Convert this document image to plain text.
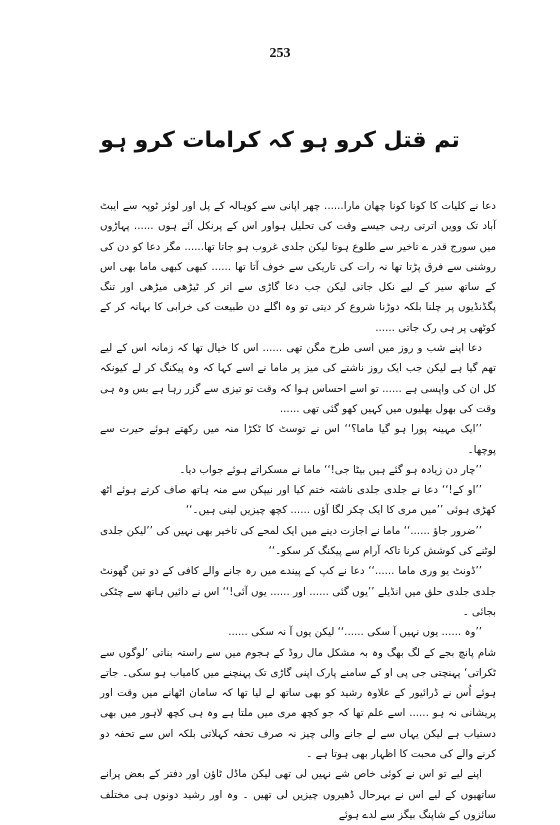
253
تم قتل کرو ہو کہ کرامات کرو ہو

دعا نے کلیات کا کونا کونا چھان مارا...... چھر اپانی سے کوہالہ کے پل اور لوئر ٹوپہ سے ایبٹ آباد تک وویں اترتی رہی جیسے وقت کی تحلیل ہواور اس کے پرنکل آئے ہوں ...... پہاڑوں میں سورج قدر ے تاخیر سے طلوع ہوتا لیکن جلدی غروب ہو جاتا تھا...... مگر دعا کو دن کی روشنی سے فرق پڑتا تھا نہ رات کی تاریکی سے خوف آتا تھا ...... کبھی کبھی ماما بھی اس کے ساتھ سیر کے لیے نکل جاتی لیکن جب دعا گاڑی سے اتر کر ٹیڑھی میڑھی اور تنگ پگڈنڈیوں پر چلنا بلکہ دوڑنا شروع کر دیتی تو وہ اگلے دن طبیعت کی خرابی کا بہانہ کر کے کوٹھی پر ہی رک جاتی ......

دعا اپنے شب و روز میں اسی طرح مگن تھی ...... اس کا خیال تھا کہ زمانہ اس کے لیے تھم گیا ہے لیکن جب ایک روز ناشتے کی میز پر ماما نے اسے کہا کہ وہ پیکنگ کر لے کیونکہ کل ان کی واپسی ہے ...... تو اسے احساس ہوا کہ وقت تو تیزی سے گزر رہا ہے بس وہ ہی وقت کی بھول بھلیوں میں کہیں کھو گئی تھی ......

’’ایک مہینہ پورا ہو گیا ماما؟‘‘ اس نے توسٹ کا ٹکڑا منہ میں رکھتے ہوئے حیرت سے پوچھا۔

’’چار دن زیادہ ہو گئے ہیں بیٹا جی!‘‘ ماما نے مسکراتے ہوئے جواب دیا۔

’’او کے!‘‘ دعا نے جلدی جلدی ناشتہ ختم کیا اور نیپکن سے منہ ہاتھ صاف کرتے ہوئے اٹھ کھڑی ہوئی ’’میں مری کا ایک چکر لگا آؤں ...... کچھ چیزیں لینی ہیں۔‘‘

’’ضرور جاؤ ......‘‘ ماما نے اجازت دینے میں ایک لمحے کی تاخیر بھی نہیں کی ’’لیکن جلدی لوٹنے کی کوشش کرنا تاکہ آرام سے پیکنگ کر سکو۔‘‘

’’ڈونٹ یو وری ماما ......‘‘ دعا نے کپ کے پیندے میں رہ جانے والے کافی کے دو تین گھونٹ جلدی جلدی حلق میں انڈیلے ’’یوں گئی ...... اور ...... یوں آئی!‘‘ اس نے دائیں ہاتھ سے چٹکی بجائی ۔

’’وہ ...... یوں نہیں آ سکی ......‘‘ لیکن یوں آ نہ سکی ......

شام پانچ بجے کے لگ بھگ وہ بہ مشکل مال روڈ کے ہجوم میں سے راستہ بناتی ’لوگوں سے ٹکراتی‘ پہنچتی جی پی او کے سامنے پارک اپنی گاڑی تک پہنچنے میں کامیاب ہو سکی۔ جاتے ہوئے اُس نے ڈرائیور کے علاوہ رشید کو بھی ساتھ لے لیا تھا کہ سامان اٹھانے میں وقت اور پریشانی نہ ہو ...... اسے علم تھا کہ جو کچھ مری میں ملتا ہے وہ ہی کچھ لاہور میں بھی دستیاب ہے لیکن یہاں سے لے جانے والی چیز نہ صرف تحفہ کہلاتی بلکہ اس سے تحفہ دو کرنے والے کی محبت کا اظہار بھی ہوتا ہے ۔

اپنے لیے تو اس نے کوئی خاص شے نہیں لی تھی لیکن ماڈل ٹاؤن اور دفتر کے بعض پرانے ساتھیوں کے لیے اس نے بہرحال ڈھیروں چیزیں لی تھیں ۔ وہ اور رشید دونوں ہی مختلف سائزوں کے شاپنگ بیگز سے لدے ہوئے
